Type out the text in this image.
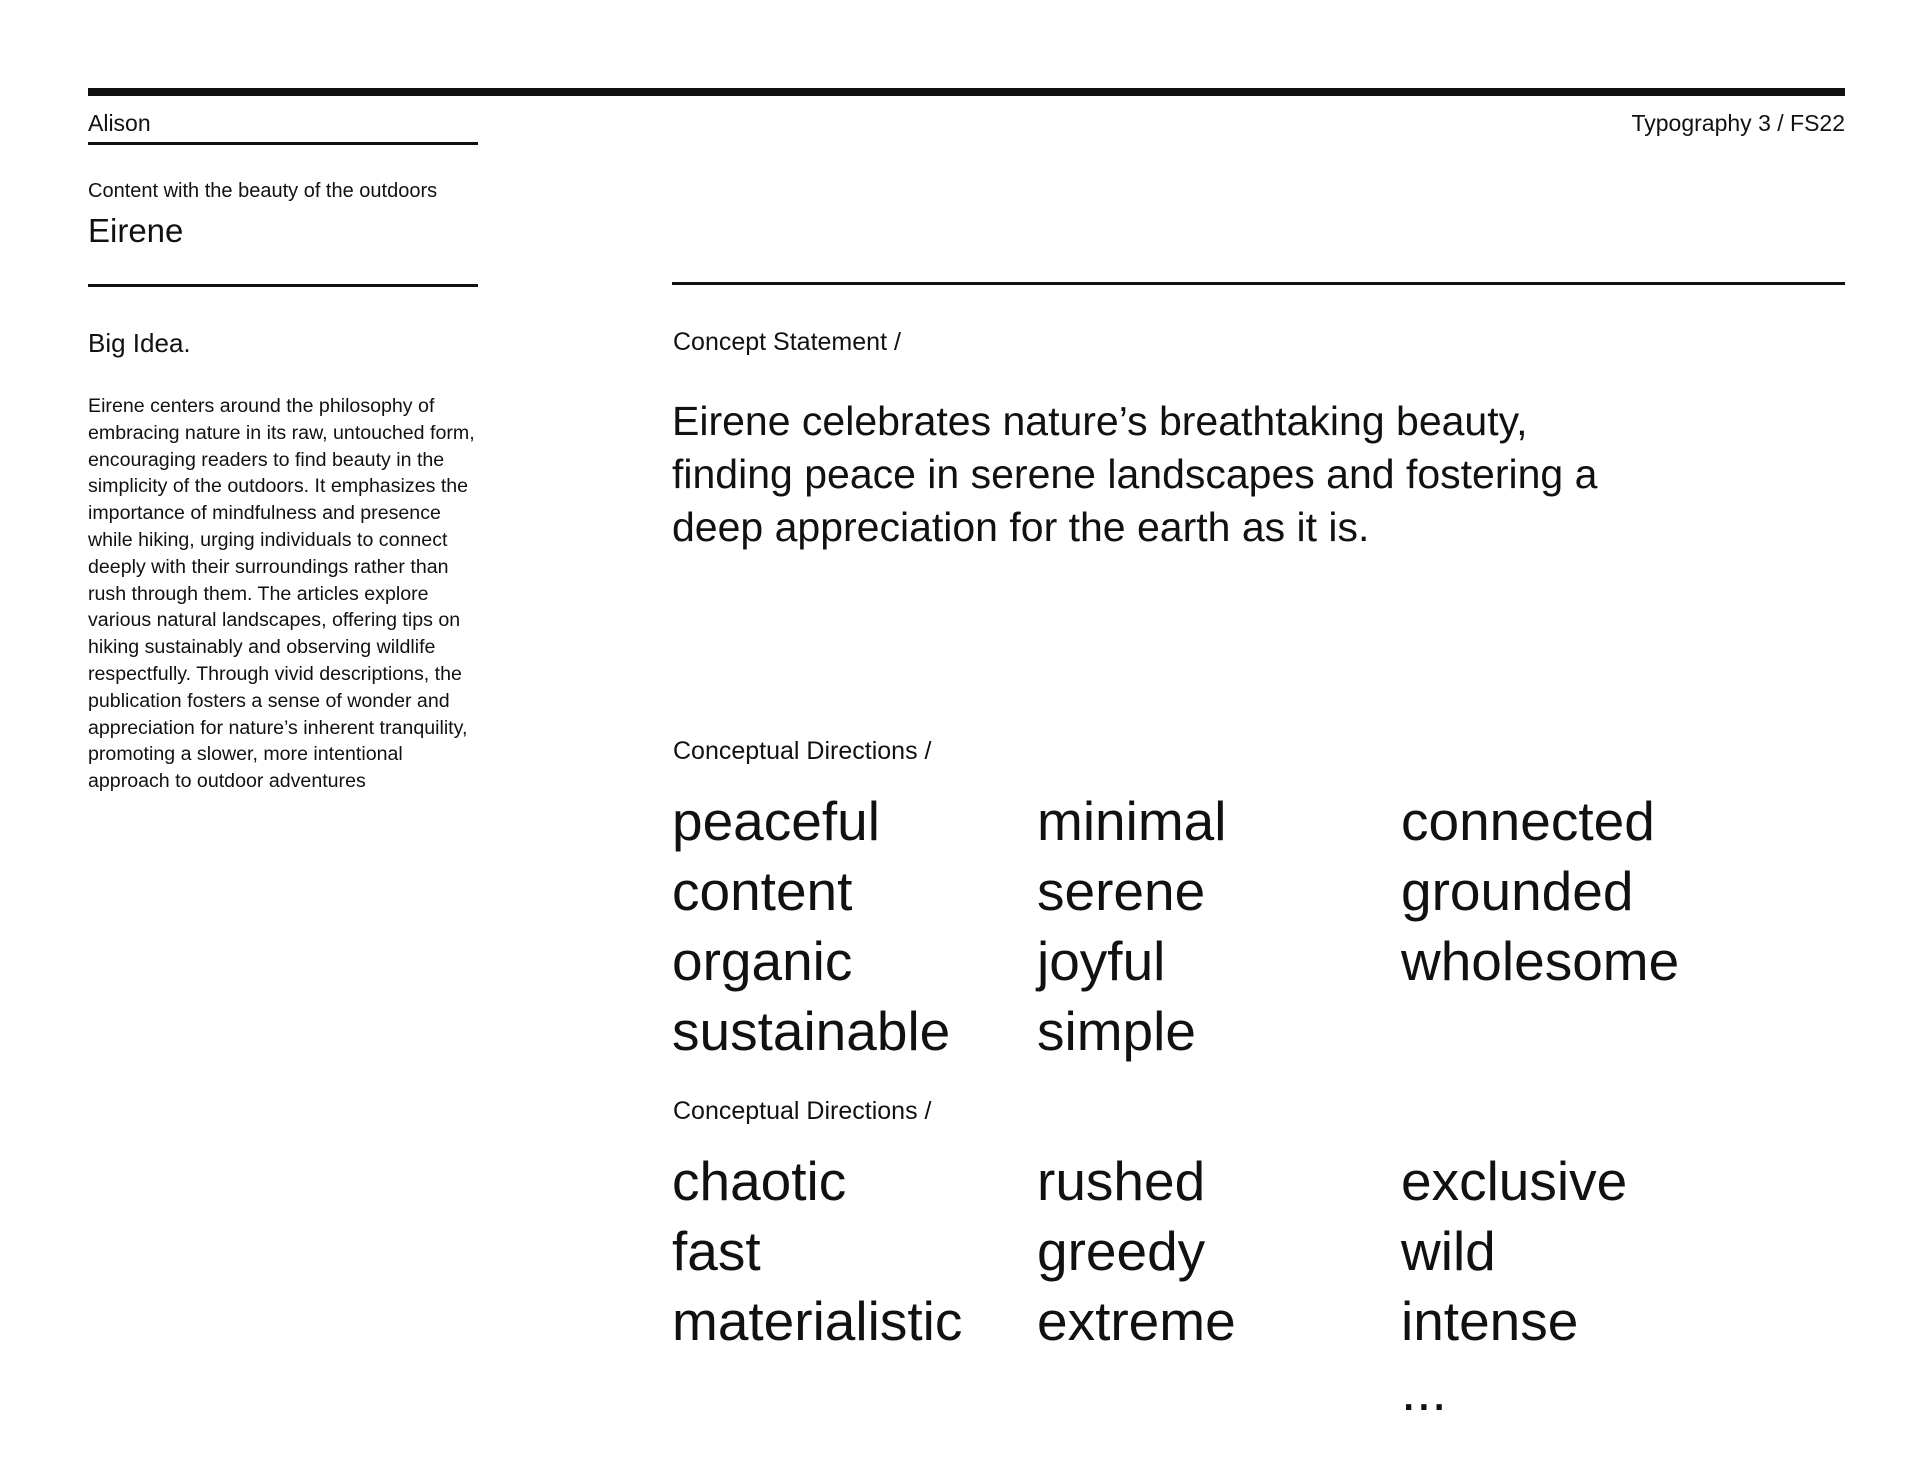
Alison	Typography 3 / FS22
Content with the beauty of the outdoors
Eirene
Big Idea.
Eirene centers around the philosophy of embracing nature in its raw, untouched form, encouraging readers to find beauty in the simplicity of the outdoors. It emphasizes the importance of mindfulness and presence while hiking, urging individuals to connect deeply with their surroundings rather than rush through them. The articles explore various natural landscapes, offering tips on hiking sustainably and observing wildlife respectfully. Through vivid descriptions, the publication fosters a sense of wonder and appreciation for nature’s inherent tranquility, promoting a slower, more intentional approach to outdoor adventures
Concept Statement /
Eirene celebrates nature’s breathtaking beauty,
finding peace in serene landscapes and fostering a
deep appreciation for the earth as it is.
Conceptual Directions /
peaceful
content
organic
sustainable
minimal
serene
joyful
simple
connected
grounded
wholesome
Conceptual Directions /
chaotic
fast
materialistic
rushed
greedy
extreme
exclusive
wild
intense
...
